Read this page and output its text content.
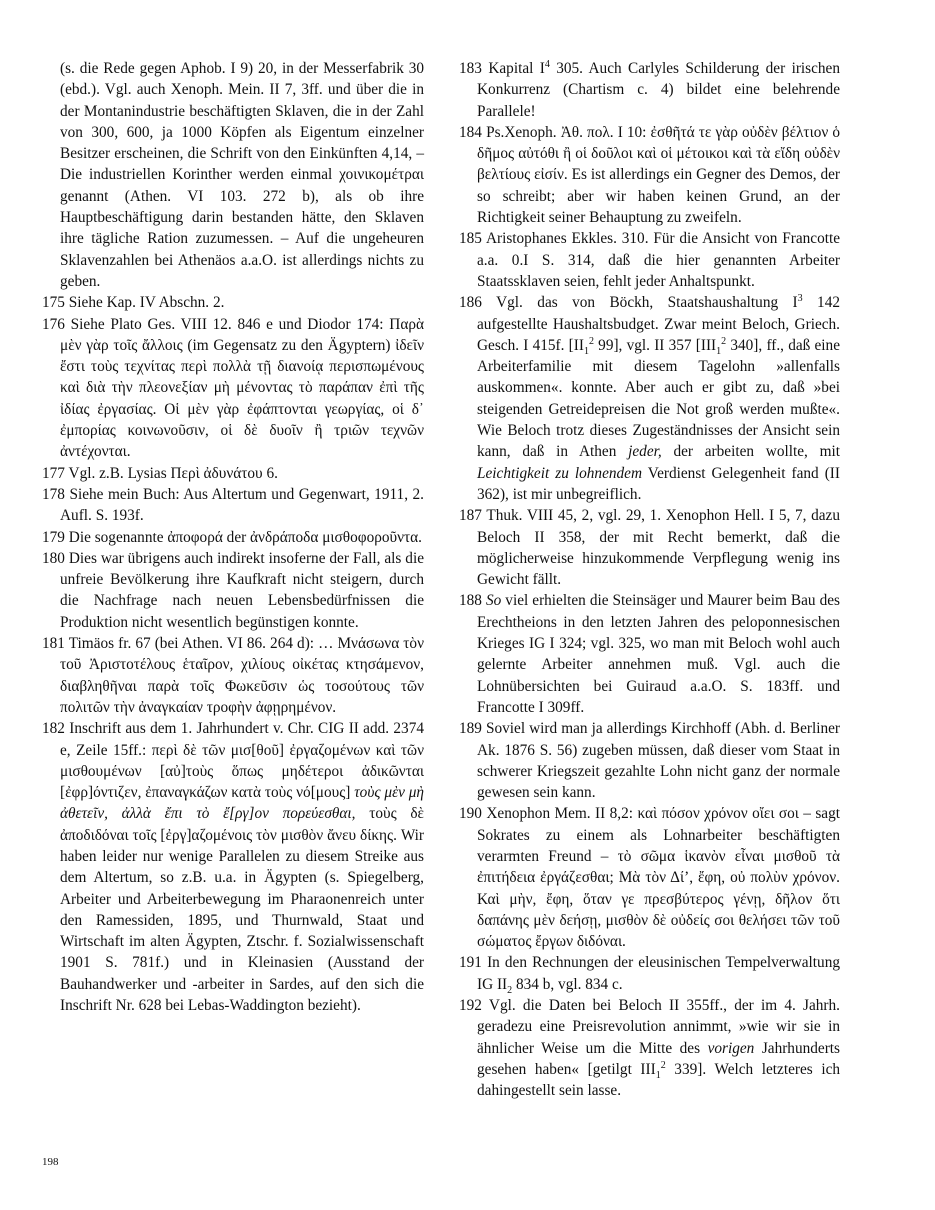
(s. die Rede gegen Aphob. I 9) 20, in der Messerfabrik 30 (ebd.). Vgl. auch Xenoph. Mein. II 7, 3ff. und über die in der Montanindustrie beschäftigten Sklaven, die in der Zahl von 300, 600, ja 1000 Köpfen als Eigentum einzelner Besitzer erscheinen, die Schrift von den Einkünften 4,14, – Die industriellen Korinther werden einmal χοινικομέτραι genannt (Athen. VI 103. 272 b), als ob ihre Hauptbeschäftigung darin bestanden hätte, den Sklaven ihre tägliche Ration zuzumessen. – Auf die ungeheuren Sklavenzahlen bei Athenäos a.a.O. ist allerdings nichts zu geben.

175 Siehe Kap. IV Abschn. 2.

176 Siehe Plato Ges. VIII 12. 846 e und Diodor 174: Παρὰ μὲν γὰρ τοῖς ἄλλοις (im Gegensatz zu den Ägyptern) ἰδεῖν ἔστι τοὺς τεχνίτας περὶ πολλὰ τῇ διανοίᾳ περισπωμένους καὶ διὰ τὴν πλεονεξίαν μὴ μένοντας τὸ παράπαν ἐπὶ τῆς ἰδίας ἐργασίας. Οἱ μὲν γὰρ ἐφάπτονται γεωργίας, οἱ δ᾽ ἐμπορίας κοινωνοῦσιν, οἱ δὲ δυοῖν ἢ τριῶν τεχνῶν ἀντέχονται.

177 Vgl. z.B. Lysias Περὶ ἀδυνάτου 6.

178 Siehe mein Buch: Aus Altertum und Gegenwart, 1911, 2. Aufl. S. 193f.

179 Die sogenannte ἀποφορά der ἀνδράποδα μισθοφοροῦντα.

180 Dies war übrigens auch indirekt insoferne der Fall, als die unfreie Bevölkerung ihre Kaufkraft nicht steigern, durch die Nachfrage nach neuen Lebensbedürfnissen die Produktion nicht wesentlich begünstigen konnte.

181 Timäos fr. 67 (bei Athen. VI 86. 264 d): … Μνάσωνα τὸν τοῦ Ἀριστοτέλους ἑταῖρον, χιλίους οἰκέτας κτησάμενον, διαβληθῆναι παρὰ τοῖς Φωκεῦσιν ὡς τοσούτους τῶν πολιτῶν τὴν ἀναγκαίαν τροφὴν ἀφῃρημένον.

182 Inschrift aus dem 1. Jahrhundert v. Chr. CIG II add. 2374 e, Zeile 15ff.: περὶ δὲ τῶν μισ[θοῦ] ἐργαζομένων καὶ τῶν μισθουμένων [αὐ]τοὺς ὅπως μηδέτεροι ἀδικῶνται [ἐφρ]όντιζεν, ἐπαναγκάζων κατὰ τοὺς νό[μους] τοὺς μὲν μὴ ἀθετεῖν, ἀλλὰ ἔπι τὸ ἔ[ργ]ον πορεύεσθαι, τοὺς δὲ ἀποδιδόναι τοῖς [ἐργ]αζομένοις τὸν μισθὸν ἄνευ δίκης. Wir haben leider nur wenige Parallelen zu diesem Streike aus dem Altertum, so z.B. u.a. in Ägypten (s. Spiegelberg, Arbeiter und Arbeiterbewegung im Pharaonenreich unter den Ramessiden, 1895, und Thurnwald, Staat und Wirtschaft im alten Ägypten, Ztschr. f. Sozialwissenschaft 1901 S. 781f.) und in Kleinasien (Ausstand der Bauhandwerker und -arbeiter in Sardes, auf den sich die Inschrift Nr. 628 bei Lebas-Waddington bezieht).

183 Kapital $I^4$ 305. Auch Carlyles Schilderung der irischen Konkurrenz (Chartism c. 4) bildet eine belehrende Parallele!

184 Ps.Xenoph. Ἀθ. πολ. I 10: ἐσθῆτά τε γὰρ οὐδὲν βέλτιον ὁ δῆμος αὐτόθι ἢ οἱ δοῦλοι καὶ οἱ μέτοικοι καὶ τὰ εἴδη οὐδὲν βελτίους εἰσίν. Es ist allerdings ein Gegner des Demos, der so schreibt; aber wir haben keinen Grund, an der Richtigkeit seiner Behauptung zu zweifeln.

185 Aristophanes Ekkles. 310. Für die Ansicht von Francotte a.a. 0.I S. 314, daß die hier genannten Arbeiter Staatssklaven seien, fehlt jeder Anhaltspunkt.

186 Vgl. das von Böckh, Staatshaushaltung $I^3$ 142 aufgestellte Haushaltsbudget. Zwar meint Beloch, Griech. Gesch. I 415f. [$II_1^2$ 99], vgl. II 357 [$III_1^2$ 340], ff., daß eine Arbeiterfamilie mit diesem Tagelohn »allenfalls auskommen«. konnte. Aber auch er gibt zu, daß »bei steigenden Getreidepreisen die Not groß werden mußte«. Wie Beloch trotz dieses Zugeständnisses der Ansicht sein kann, daß in Athen jeder, der arbeiten wollte, mit Leichtigkeit zu lohnendem Verdienst Gelegenheit fand (II 362), ist mir unbegreiflich.

187 Thuk. VIII 45, 2, vgl. 29, 1. Xenophon Hell. I 5, 7, dazu Beloch II 358, der mit Recht bemerkt, daß die möglicherweise hinzukommende Verpflegung wenig ins Gewicht fällt.

188 So viel erhielten die Steinsäger und Maurer beim Bau des Erechtheions in den letzten Jahren des peloponnesischen Krieges IG I 324; vgl. 325, wo man mit Beloch wohl auch gelernte Arbeiter annehmen muß. Vgl. auch die Lohnübersichten bei Guiraud a.a.O. S. 183ff. und Francotte I 309ff.

189 Soviel wird man ja allerdings Kirchhoff (Abh. d. Berliner Ak. 1876 S. 56) zugeben müssen, daß dieser vom Staat in schwerer Kriegszeit gezahlte Lohn nicht ganz der normale gewesen sein kann.

190 Xenophon Mem. II 8,2: καὶ πόσον χρόνον οἴει σοι – sagt Sokrates zu einem als Lohnarbeiter beschäftigten verarmten Freund – τὸ σῶμα ἱκανὸν εἶναι μισθοῦ τὰ ἐπιτήδεια ἐργάζεσθαι; Μὰ τὸν Δί’, ἔφη, οὐ πολὺν χρόνον. Καὶ μὴν, ἔφη, ὅταν γε πρεσβύτερος γένῃ, δῆλον ὅτι δαπάνης μὲν δεήσῃ, μισθὸν δὲ οὐδείς σοι θελήσει τῶν τοῦ σώματος ἔργων διδόναι.

191 In den Rechnungen der eleusinischen Tempelverwaltung IG $II_2$ 834 b, vgl. 834 c.

192 Vgl. die Daten bei Beloch II 355ff., der im 4. Jahrh. geradezu eine Preisrevolution annimmt, »wie wir sie in ähnlicher Weise um die Mitte des vorigen Jahrhunderts gesehen haben« [getilgt $III_1^2$ 339]. Welch letzteres ich dahingestellt sein lasse.

198
